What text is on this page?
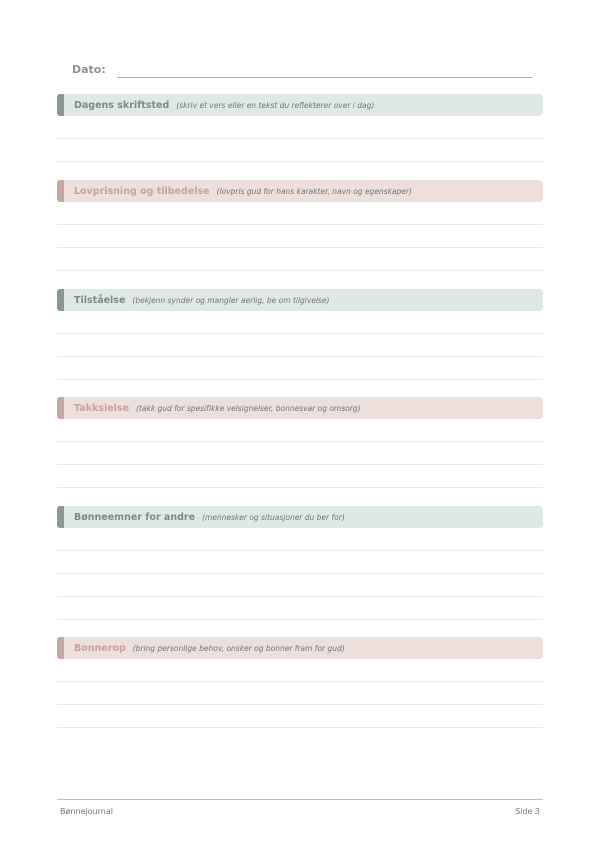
Dato:
Dagens skriftsted (skriv et vers eller en tekst du reflekterer over i dag)
Lovprisning og tilbedelse (lovpris gud for hans karakter, navn og egenskaper)
Tilståelse (bekjenn synder og mangler aerlig, be om tilgivelse)
Takksielse (takk gud for spesifikke velsignelser, bonnesvar og omsorg)
Bønneemner for andre (mennesker og situasjoner du ber for)
Bonnerop (bring personlige behov, onsker og bonner fram for gud)
Bønnejournal	Side 3
